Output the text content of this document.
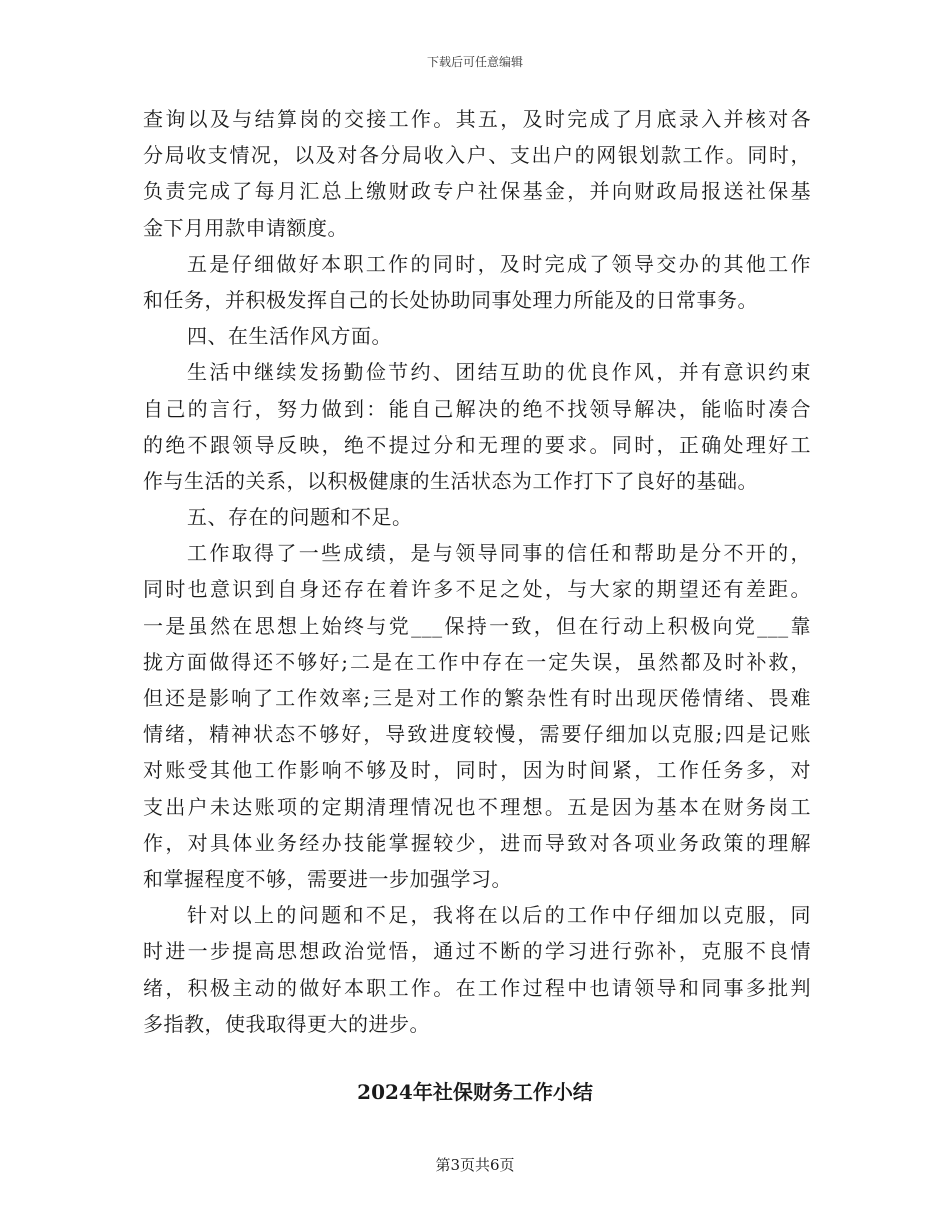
下载后可任意编辑
查询以及与结算岗的交接工作。其五，及时完成了月底录入并核对各
分局收支情况，以及对各分局收入户、支出户的网银划款工作。同时，
负责完成了每月汇总上缴财政专户社保基金，并向财政局报送社保基
金下月用款申请额度。
五是仔细做好本职工作的同时，及时完成了领导交办的其他工作
和任务，并积极发挥自己的长处协助同事处理力所能及的日常事务。
四、在生活作风方面。
生活中继续发扬勤俭节约、团结互助的优良作风，并有意识约束
自己的言行，努力做到：能自己解决的绝不找领导解决，能临时凑合
的绝不跟领导反映，绝不提过分和无理的要求。同时，正确处理好工
作与生活的关系，以积极健康的生活状态为工作打下了良好的基础。
五、存在的问题和不足。
工作取得了一些成绩，是与领导同事的信任和帮助是分不开的，
同时也意识到自身还存在着许多不足之处，与大家的期望还有差距。
一是虽然在思想上始终与党___保持一致，但在行动上积极向党___靠
拢方面做得还不够好;二是在工作中存在一定失误，虽然都及时补救，
但还是影响了工作效率;三是对工作的繁杂性有时出现厌倦情绪、畏难
情绪，精神状态不够好，导致进度较慢，需要仔细加以克服;四是记账
对账受其他工作影响不够及时，同时，因为时间紧，工作任务多，对
支出户未达账项的定期清理情况也不理想。五是因为基本在财务岗工
作，对具体业务经办技能掌握较少，进而导致对各项业务政策的理解
和掌握程度不够，需要进一步加强学习。
针对以上的问题和不足，我将在以后的工作中仔细加以克服，同
时进一步提高思想政治觉悟，通过不断的学习进行弥补，克服不良情
绪，积极主动的做好本职工作。在工作过程中也请领导和同事多批判
多指教，使我取得更大的进步。
2024年社保财务工作小结
第3页共6页
